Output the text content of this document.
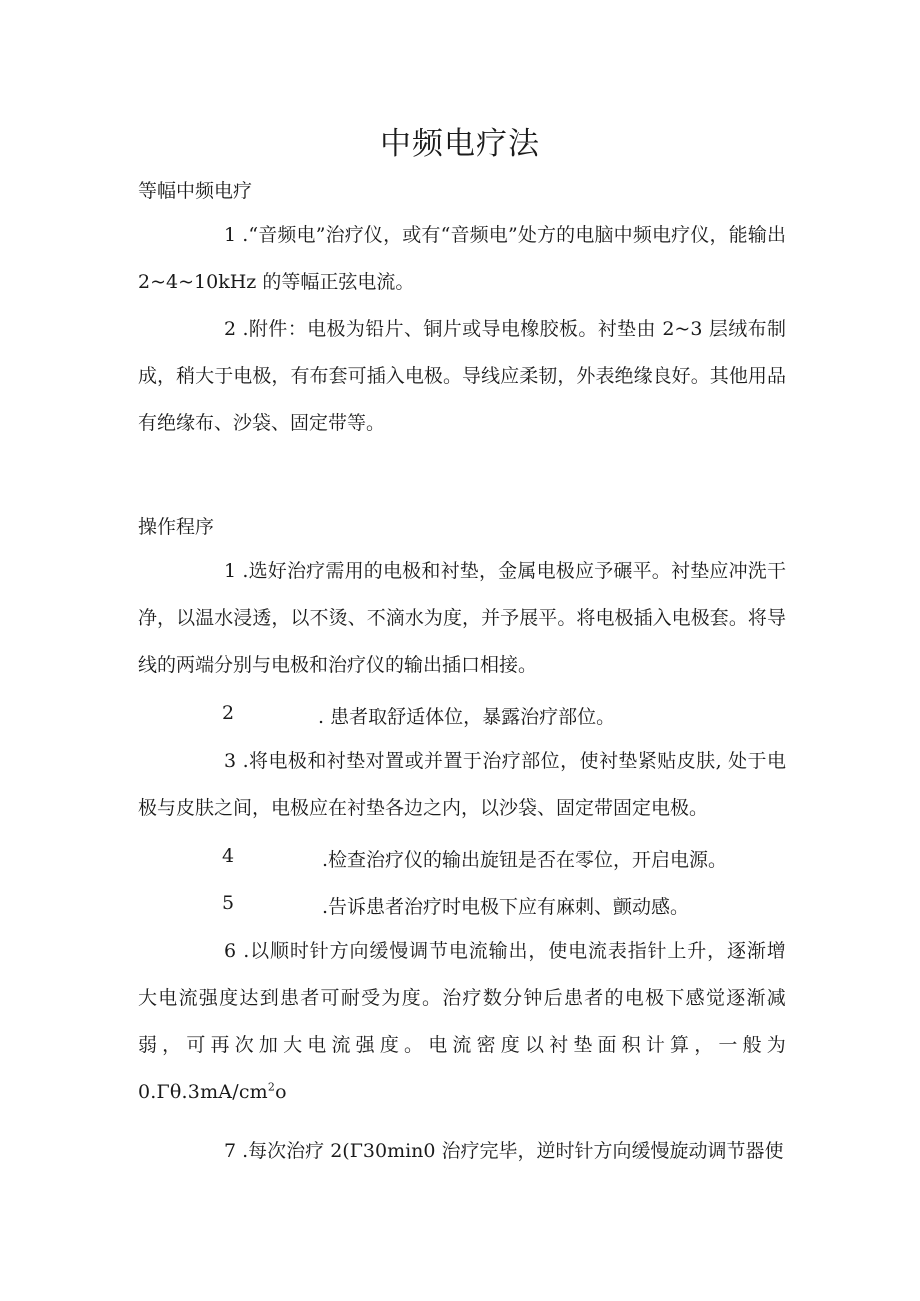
中频电疗法
等幅中频电疗
1 .“音频电”治疗仪，或有“音频电”处方的电脑中频电疗仪，能输出 2~4~10kHz 的等幅正弦电流。
2 .附件：电极为铅片、铜片或导电橡胶板。衬垫由 2~3 层绒布制成，稍大于电极，有布套可插入电极。导线应柔韧，外表绝缘良好。其他用品有绝缘布、沙袋、固定带等。
操作程序
1 .选好治疗需用的电极和衬垫，金属电极应予碾平。衬垫应冲洗干净，以温水浸透，以不烫、不滴水为度，并予展平。将电极插入电极套。将导线的两端分别与电极和治疗仪的输出插口相接。
2	. 患者取舒适体位，暴露治疗部位。
3 .将电极和衬垫对置或并置于治疗部位，使衬垫紧贴皮肤, 处于电极与皮肤之间，电极应在衬垫各边之内，以沙袋、固定带固定电极。
4	.检查治疗仪的输出旋钮是否在零位，开启电源。
5	.告诉患者治疗时电极下应有麻刺、颤动感。
6 .以顺时针方向缓慢调节电流输出，使电流表指针上升，逐渐增大电流强度达到患者可耐受为度。治疗数分钟后患者的电极下感觉逐渐减弱，可再次加大电流强度。电流密度以衬垫面积计算，一般为$0.\Gamma\theta.3mA∕cm^2o$
7 .每次治疗 2(Γ30min0 治疗完毕，逆时针方向缓慢旋动调节器使
